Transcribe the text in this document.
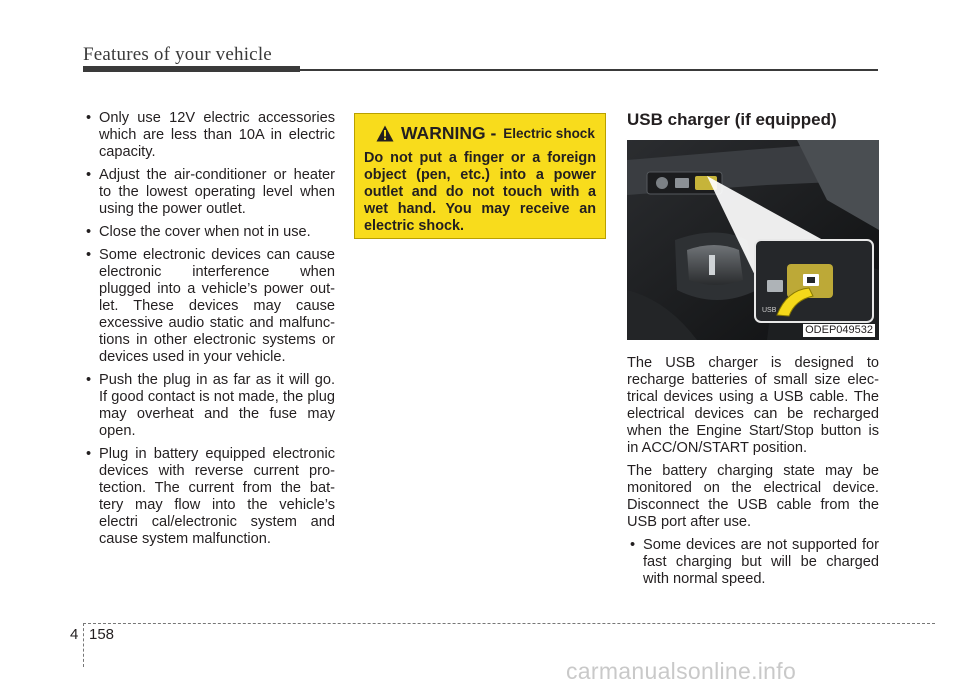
Features of your vehicle
• Only use 12V electric accessories which are less than 10A in electric capacity.
• Adjust the air-conditioner or heater to the lowest operating level when using the power outlet.
• Close the cover when not in use.
• Some electronic devices can cause electronic interference when plugged into a vehicle’s power out-let. These devices may cause excessive audio static and malfunc-tions in other electronic systems or devices used in your vehicle.
• Push the plug in as far as it will go. If good contact is not made, the plug may overheat and the fuse may open.
• Plug in battery equipped electronic devices with reverse current pro-tection. The current from the bat-tery may flow into the vehicle’s electri cal/electronic system and cause system malfunction.
WARNING - Electric shock
Do not put a finger or a foreign object (pen, etc.) into a power outlet and do not touch with a wet hand. You may receive an electric shock.
USB charger (if equipped)
USB
ODEP049532

The USB charger is designed to recharge batteries of small size elec-trical devices using a USB cable. The electrical devices can be recharged when the Engine Start/Stop button is in ACC/ON/START position.

The battery charging state may be monitored on the electrical device. Disconnect the USB cable from the USB port after use.

• Some devices are not supported for fast charging but will be charged with normal speed.
4 158
carmanualsonline.info
